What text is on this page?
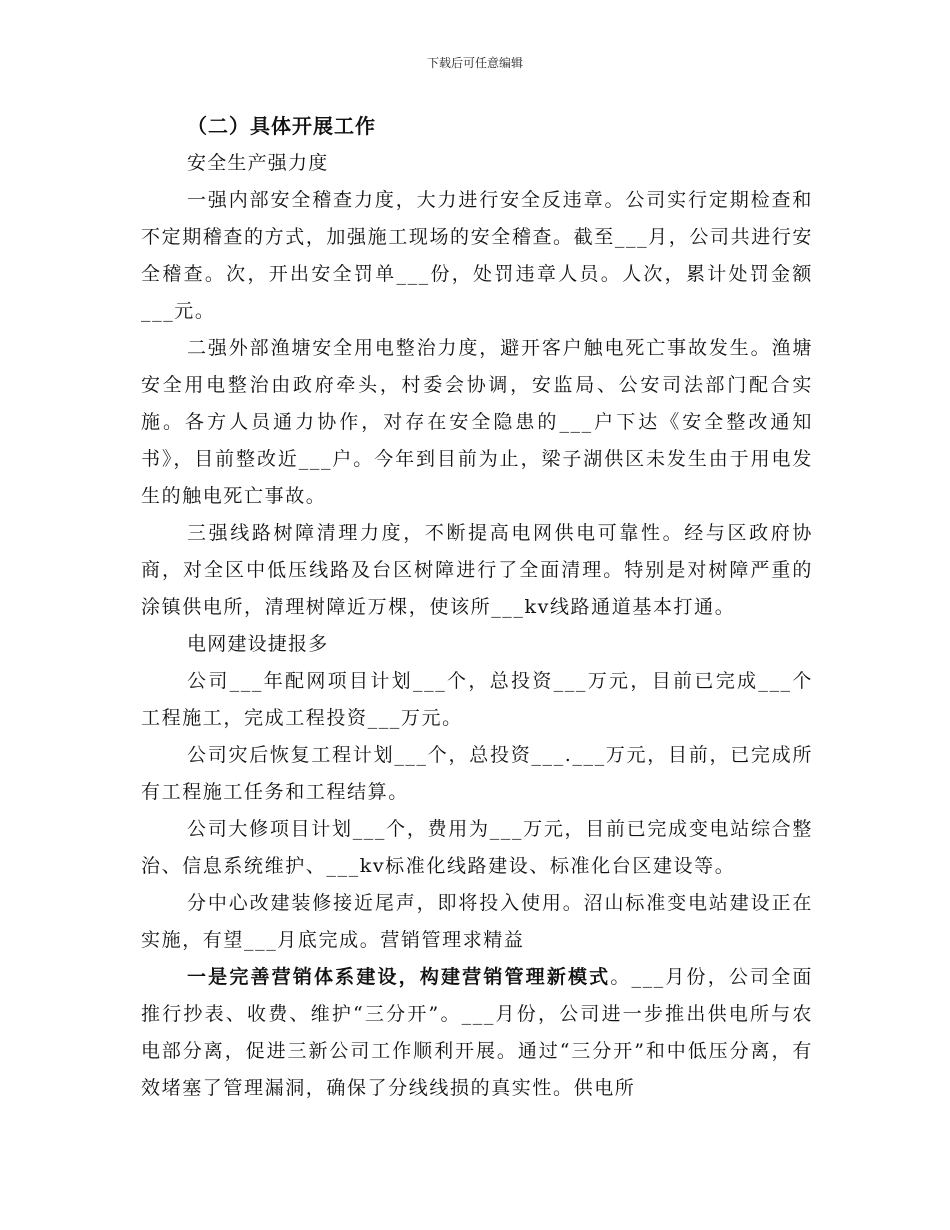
下载后可任意编辑

（二）具体开展工作

安全生产强力度

一强内部安全稽查力度，大力进行安全反违章。公司实行定期检查和不定期稽查的方式，加强施工现场的安全稽查。截至___月，公司共进行安全稽查。次，开出安全罚单___份，处罚违章人员。人次，累计处罚金额___元。

二强外部渔塘安全用电整治力度，避开客户触电死亡事故发生。渔塘安全用电整治由政府牵头，村委会协调，安监局、公安司法部门配合实施。各方人员通力协作，对存在安全隐患的___户下达《安全整改通知书》，目前整改近___户。今年到目前为止，梁子湖供区未发生由于用电发生的触电死亡事故。

三强线路树障清理力度，不断提高电网供电可靠性。经与区政府协商，对全区中低压线路及台区树障进行了全面清理。特别是对树障严重的涂镇供电所，清理树障近万棵，使该所___kv线路通道基本打通。

电网建设捷报多

公司___年配网项目计划___个，总投资___万元，目前已完成___个工程施工，完成工程投资___万元。

公司灾后恢复工程计划___个，总投资___.___万元，目前，已完成所有工程施工任务和工程结算。

公司大修项目计划___个，费用为___万元，目前已完成变电站综合整治、信息系统维护、___kv标准化线路建设、标准化台区建设等。

分中心改建装修接近尾声，即将投入使用。沼山标准变电站建设正在实施，有望___月底完成。营销管理求精益

一是完善营销体系建设，构建营销管理新模式。___月份，公司全面推行抄表、收费、维护“三分开”。___月份，公司进一步推出供电所与农电部分离，促进三新公司工作顺利开展。通过“三分开”和中低压分离，有效堵塞了管理漏洞，确保了分线线损的真实性。供电所
